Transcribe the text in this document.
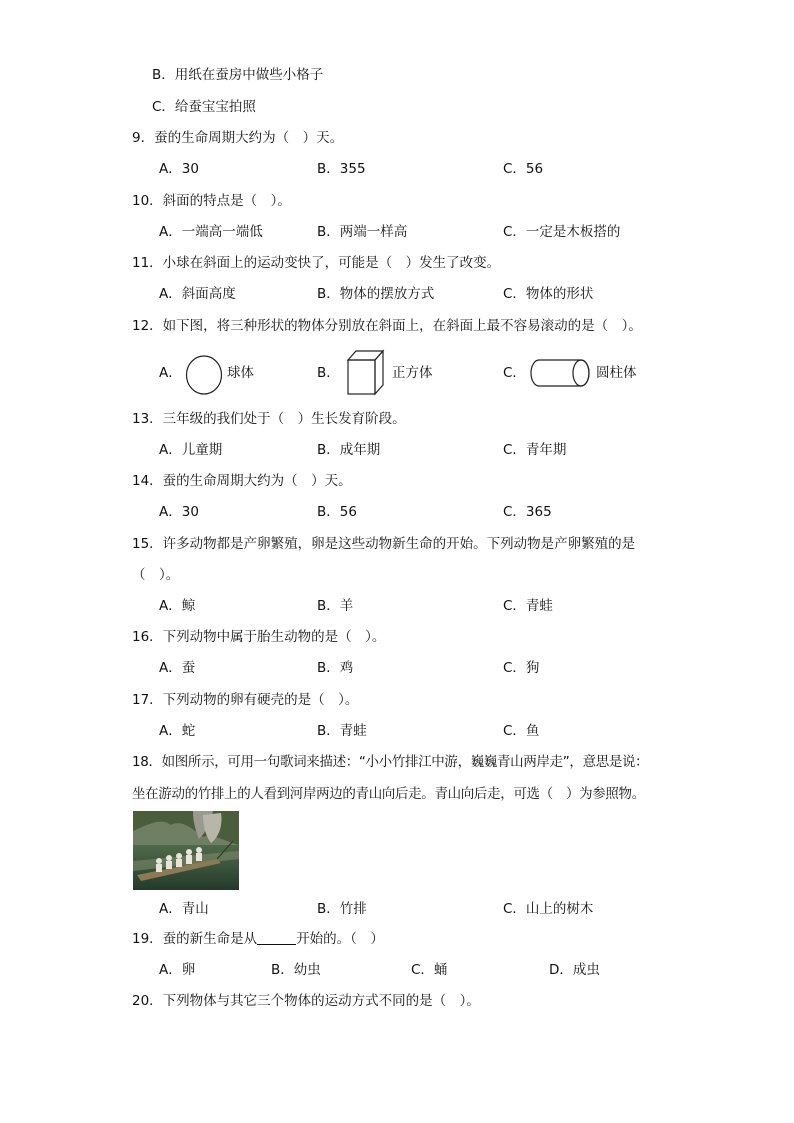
B．用纸在蚕房中做些小格子
C．给蚕宝宝拍照
9．蚕的生命周期大约为（　）天。
A．30	B．355	C．56
10．斜面的特点是（　）。
A．一端高一端低	B．两端一样高	C．一定是木板搭的
11．小球在斜面上的运动变快了，可能是（　）发生了改变。
A．斜面高度	B．物体的摆放方式	C．物体的形状
12．如下图，将三种形状的物体分别放在斜面上，在斜面上最不容易滚动的是（　）。
A．	球体	B．	正方体	C．	圆柱体
13．三年级的我们处于（　）生长发育阶段。
A．儿童期	B．成年期	C．青年期
14．蚕的生命周期大约为（　）天。
A．30	B．56	C．365
15．许多动物都是产卵繁殖，卵是这些动物新生命的开始。下列动物是产卵繁殖的是
（　）。
A．鲸	B．羊	C．青蛙
16．下列动物中属于胎生动物的是（　）。
A．蚕	B．鸡	C．狗
17．下列动物的卵有硬壳的是（　）。
A．蛇	B．青蛙	C．鱼
18．如图所示，可用一句歌词来描述：“小小竹排江中游，巍巍青山两岸走”，意思是说：
坐在游动的竹排上的人看到河岸两边的青山向后走。青山向后走，可选（　）为参照物。
A．青山	B．竹排	C．山上的树木
19．蚕的新生命是从	开始的。（　）
A．卵	B．幼虫	C．蛹	D．成虫
20．下列物体与其它三个物体的运动方式不同的是（　）。
